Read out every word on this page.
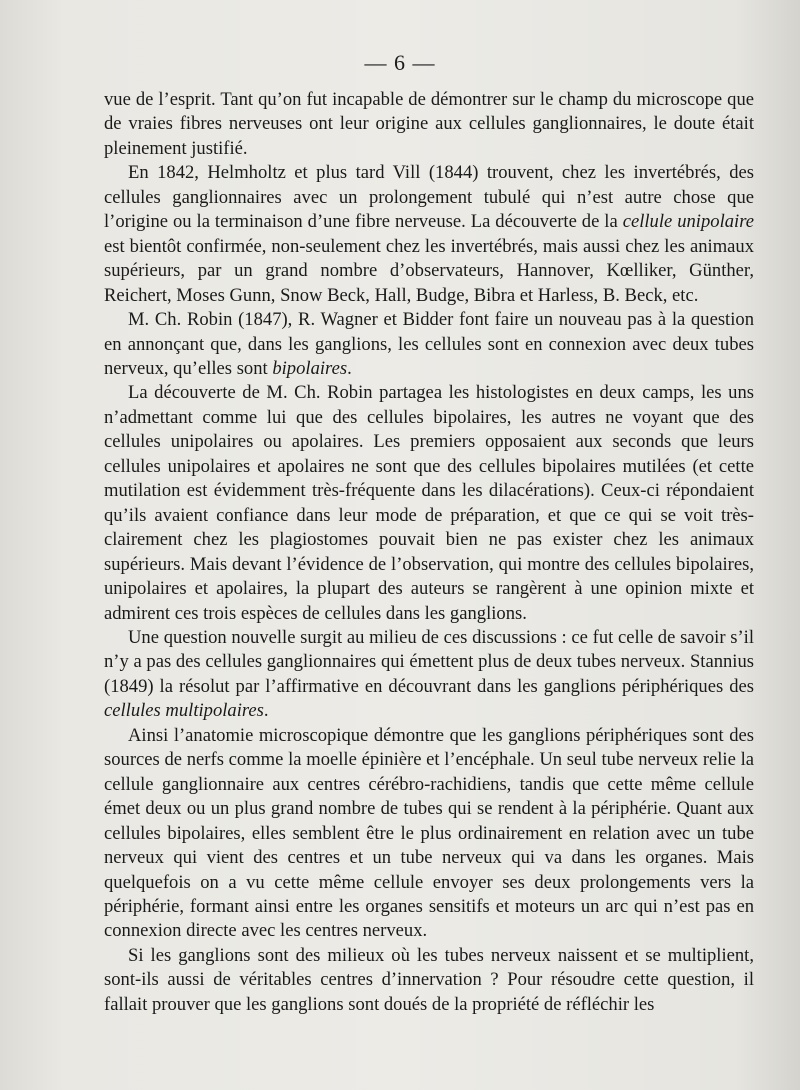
— 6 —

vue de l’esprit. Tant qu’on fut incapable de démontrer sur le champ du microscope que de vraies fibres nerveuses ont leur origine aux cellules ganglionnaires, le doute était pleinement justifié.

En 1842, Helmholtz et plus tard Vill (1844) trouvent, chez les invertébrés, des cellules ganglionnaires avec un prolongement tubulé qui n’est autre chose que l’origine ou la terminaison d’une fibre nerveuse. La découverte de la cellule unipolaire est bientôt confirmée, non-seulement chez les invertébrés, mais aussi chez les animaux supérieurs, par un grand nombre d’observateurs, Hannover, Kœlliker, Günther, Reichert, Moses Gunn, Snow Beck, Hall, Budge, Bibra et Harless, B. Beck, etc.

M. Ch. Robin (1847), R. Wagner et Bidder font faire un nouveau pas à la question en annonçant que, dans les ganglions, les cellules sont en connexion avec deux tubes nerveux, qu’elles sont bipolaires.

La découverte de M. Ch. Robin partagea les histologistes en deux camps, les uns n’admettant comme lui que des cellules bipolaires, les autres ne voyant que des cellules unipolaires ou apolaires. Les premiers opposaient aux seconds que leurs cellules unipolaires et apolaires ne sont que des cellules bipolaires mutilées (et cette mutilation est évidemment très-fréquente dans les dilacérations). Ceux-ci répondaient qu’ils avaient confiance dans leur mode de préparation, et que ce qui se voit très-clairement chez les plagiostomes pouvait bien ne pas exister chez les animaux supérieurs. Mais devant l’évidence de l’observation, qui montre des cellules bipolaires, unipolaires et apolaires, la plupart des auteurs se rangèrent à une opinion mixte et admirent ces trois espèces de cellules dans les ganglions.

Une question nouvelle surgit au milieu de ces discussions : ce fut celle de savoir s’il n’y a pas des cellules ganglionnaires qui émettent plus de deux tubes nerveux. Stannius (1849) la résolut par l’affirmative en découvrant dans les ganglions périphériques des cellules multipolaires.

Ainsi l’anatomie microscopique démontre que les ganglions périphériques sont des sources de nerfs comme la moelle épinière et l’encéphale. Un seul tube nerveux relie la cellule ganglionnaire aux centres cérébro-rachidiens, tandis que cette même cellule émet deux ou un plus grand nombre de tubes qui se rendent à la périphérie. Quant aux cellules bipolaires, elles semblent être le plus ordinairement en relation avec un tube nerveux qui vient des centres et un tube nerveux qui va dans les organes. Mais quelquefois on a vu cette même cellule envoyer ses deux prolongements vers la périphérie, formant ainsi entre les organes sensitifs et moteurs un arc qui n’est pas en connexion directe avec les centres nerveux.

Si les ganglions sont des milieux où les tubes nerveux naissent et se multiplient, sont-ils aussi de véritables centres d’innervation ? Pour résoudre cette question, il fallait prouver que les ganglions sont doués de la propriété de réfléchir les
